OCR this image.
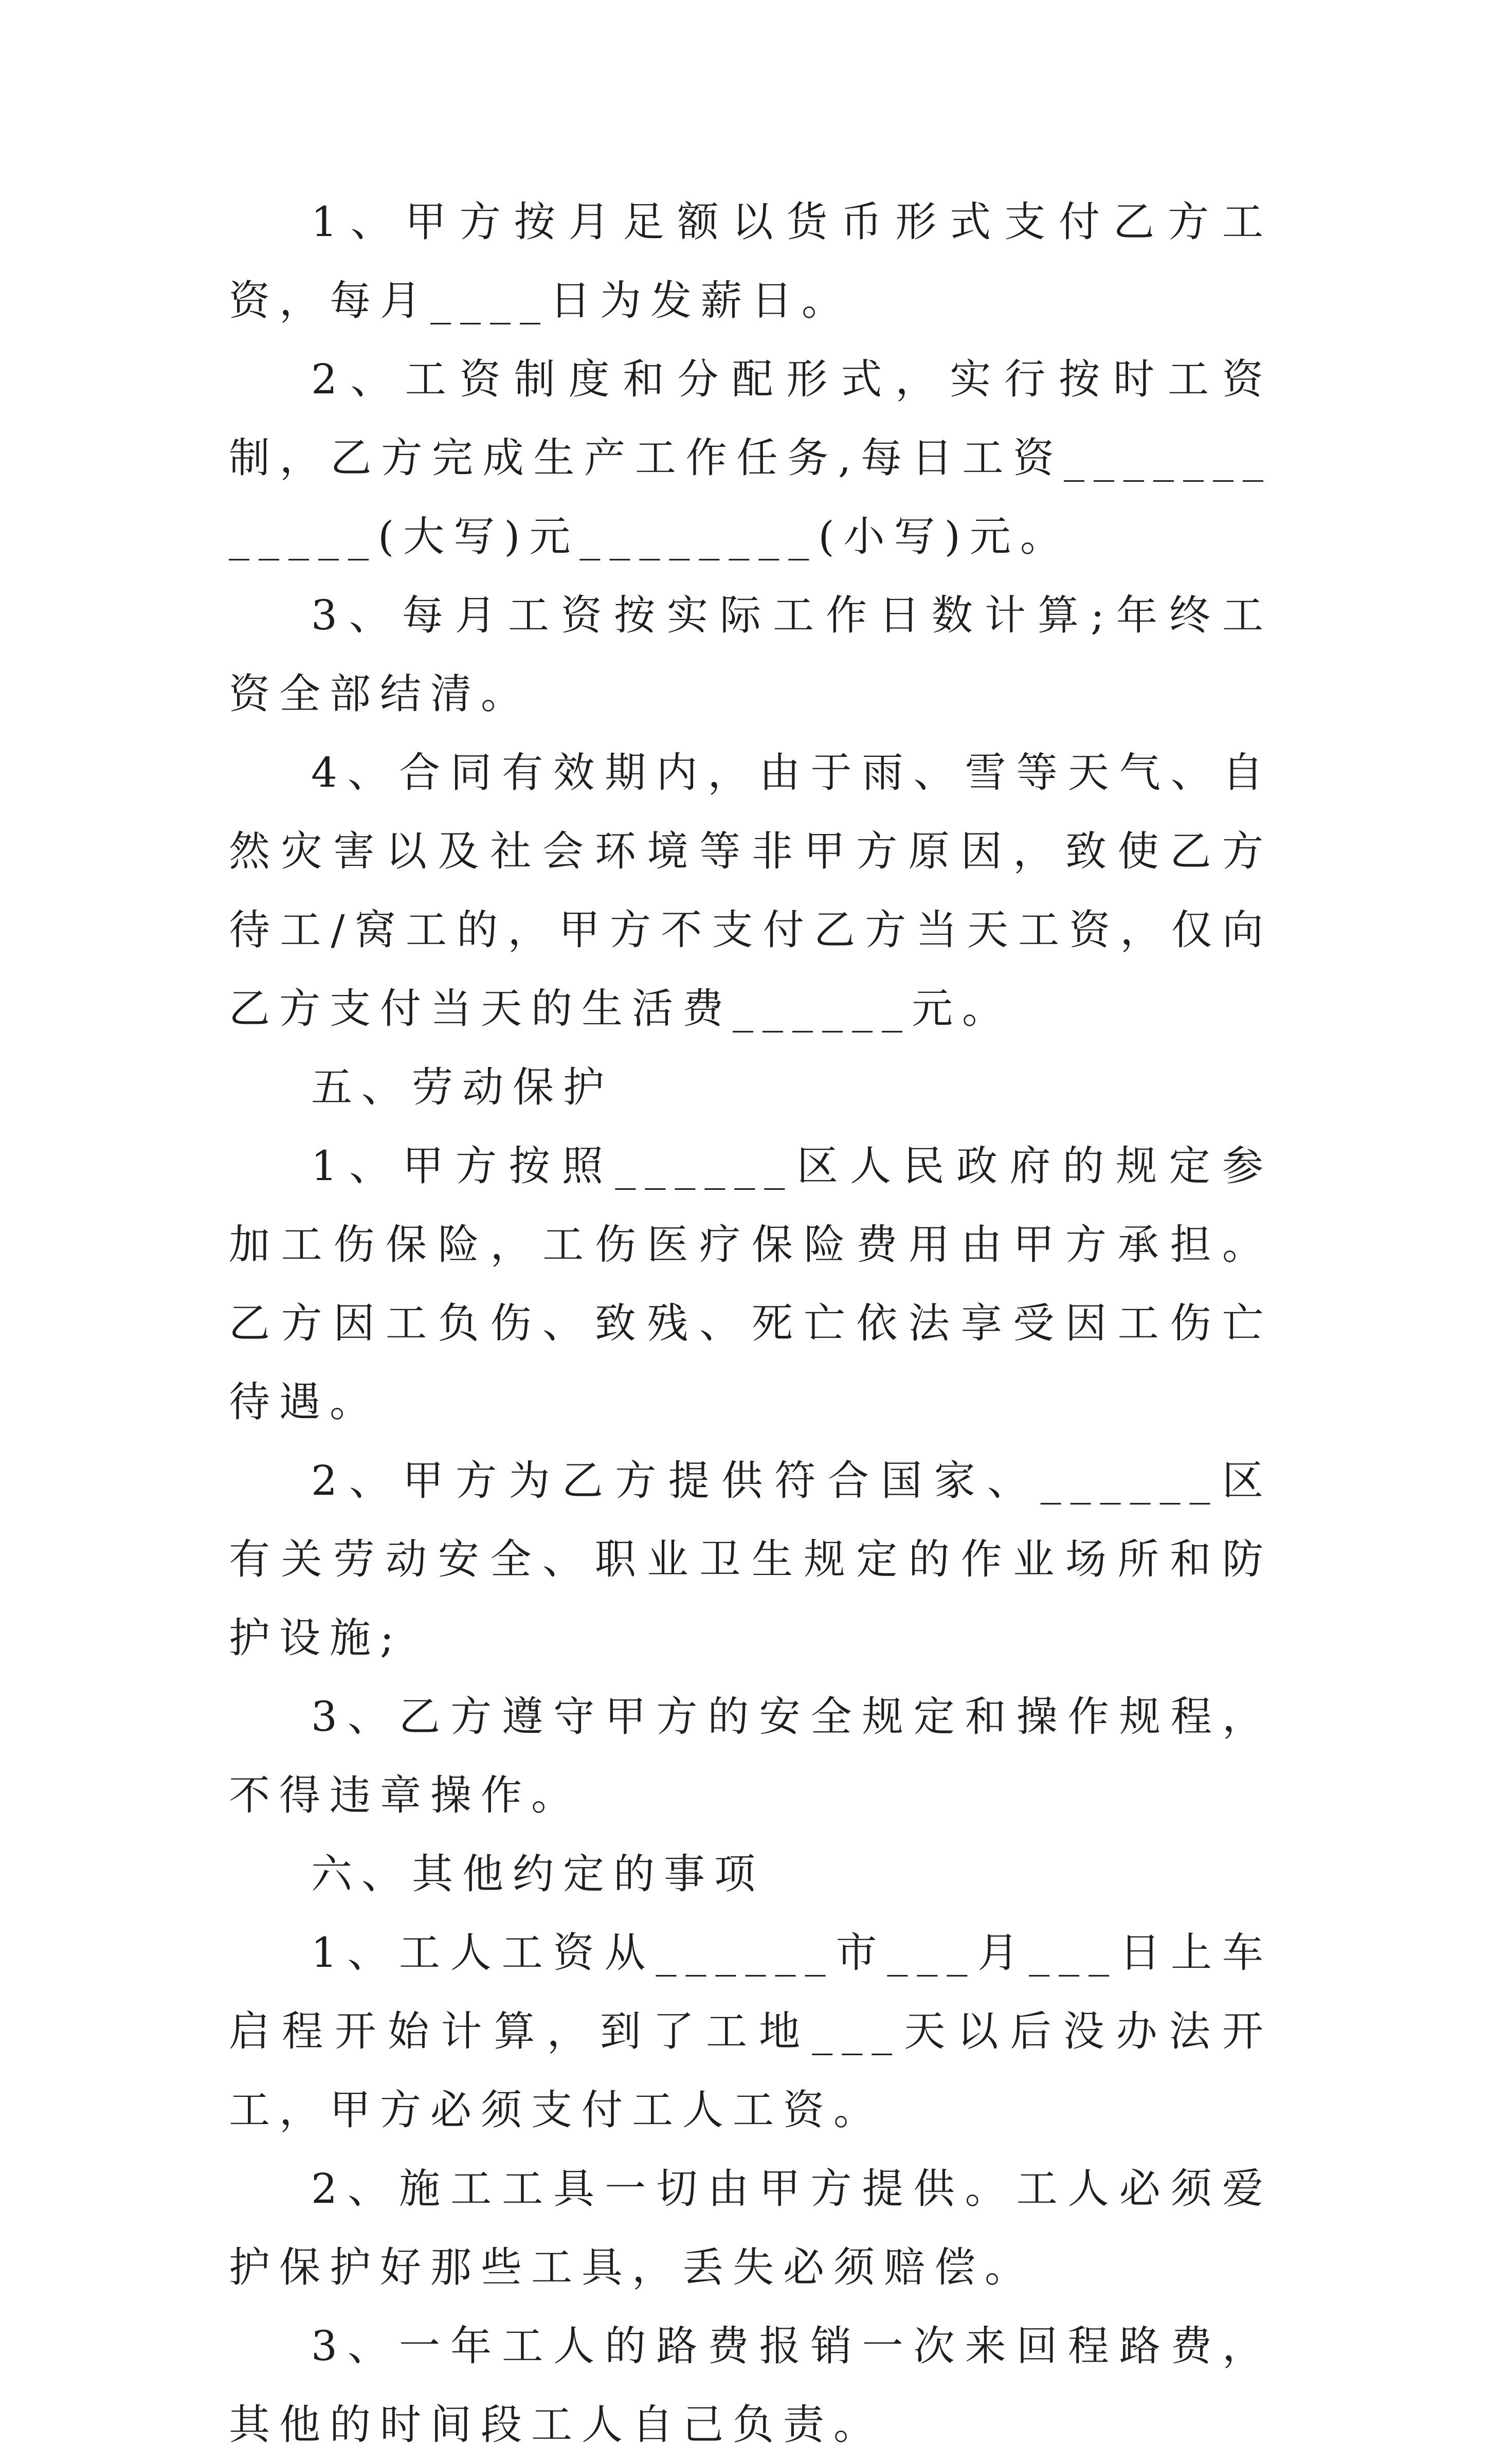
1、甲方按月足额以货币形式支付乙方工资，每月____日为发薪日。

2、工资制度和分配形式，实行按时工资制，乙方完成生产工作任务,每日工资____________(大写)元________(小写)元。

3、每月工资按实际工作日数计算;年终工资全部结清。

4、合同有效期内，由于雨、雪等天气、自然灾害以及社会环境等非甲方原因，致使乙方待工/窝工的，甲方不支付乙方当天工资，仅向乙方支付当天的生活费______元。

五、劳动保护

1、甲方按照______区人民政府的规定参加工伤保险，工伤医疗保险费用由甲方承担。乙方因工负伤、致残、死亡依法享受因工伤亡待遇。

2、甲方为乙方提供符合国家、______区有关劳动安全、职业卫生规定的作业场所和防护设施;

3、乙方遵守甲方的安全规定和操作规程，不得违章操作。

六、其他约定的事项

1、工人工资从______市___月___日上车启程开始计算，到了工地___天以后没办法开工，甲方必须支付工人工资。

2、施工工具一切由甲方提供。工人必须爱护保护好那些工具，丢失必须赔偿。

3、一年工人的路费报销一次来回程路费，其他的时间段工人自己负责。
